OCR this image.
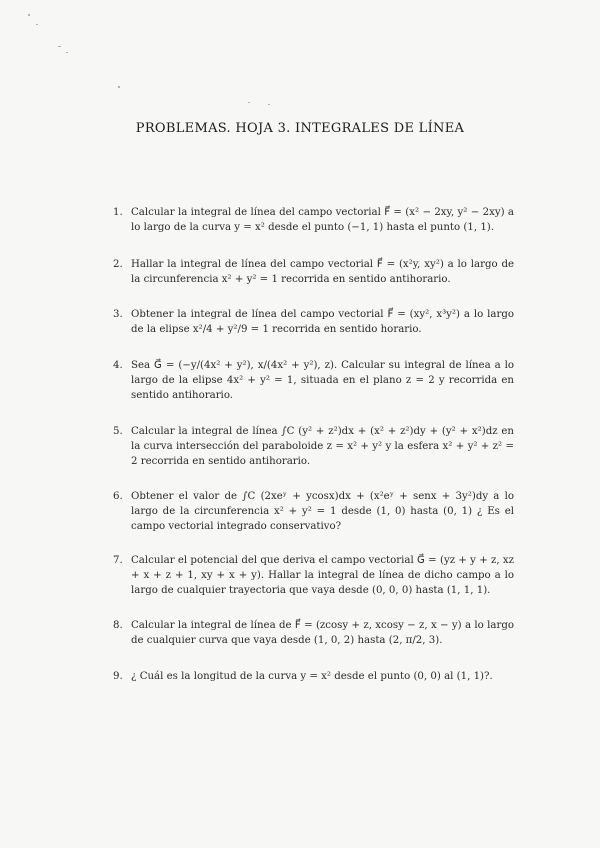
PROBLEMAS. HOJA 3. INTEGRALES DE LÍNEA
1. Calcular la integral de línea del campo vectorial F⃗ = (x² − 2xy, y² − 2xy) a lo largo de la curva y = x² desde el punto (−1, 1) hasta el punto (1, 1).
2. Hallar la integral de línea del campo vectorial F⃗ = (x²y, xy²) a lo largo de la circunferencia x² + y² = 1 recorrida en sentido antihorario.
3. Obtener la integral de línea del campo vectorial F⃗ = (xy², x³y²) a lo largo de la elipse x²/4 + y²/9 = 1 recorrida en sentido horario.
4. Sea G⃗ = (−y/(4x² + y²), x/(4x² + y²), z). Calcular su integral de línea a lo largo de la elipse 4x² + y² = 1, situada en el plano z = 2 y recorrida en sentido antihorario.
5. Calcular la integral de línea ∫C (y² + z²)dx + (x² + z²)dy + (y² + x²)dz en la curva intersección del paraboloide z = x² + y² y la esfera x² + y² + z² = 2 recorrida en sentido antihorario.
6. Obtener el valor de ∫C (2xeʸ + ycosx)dx + (x²eʸ + senx + 3y²)dy a lo largo de la circunferencia x² + y² = 1 desde (1, 0) hasta (0, 1) ¿ Es el campo vectorial integrado conservativo?
7. Calcular el potencial del que deriva el campo vectorial G⃗ = (yz + y + z, xz + x + z + 1, xy + x + y). Hallar la integral de línea de dicho campo a lo largo de cualquier trayectoria que vaya desde (0, 0, 0) hasta (1, 1, 1).
8. Calcular la integral de línea de F⃗ = (zcosy + z, xcosy − z, x − y) a lo largo de cualquier curva que vaya desde (1, 0, 2) hasta (2, π/2, 3).
9. ¿ Cuál es la longitud de la curva y = x² desde el punto (0, 0) al (1, 1)?.
